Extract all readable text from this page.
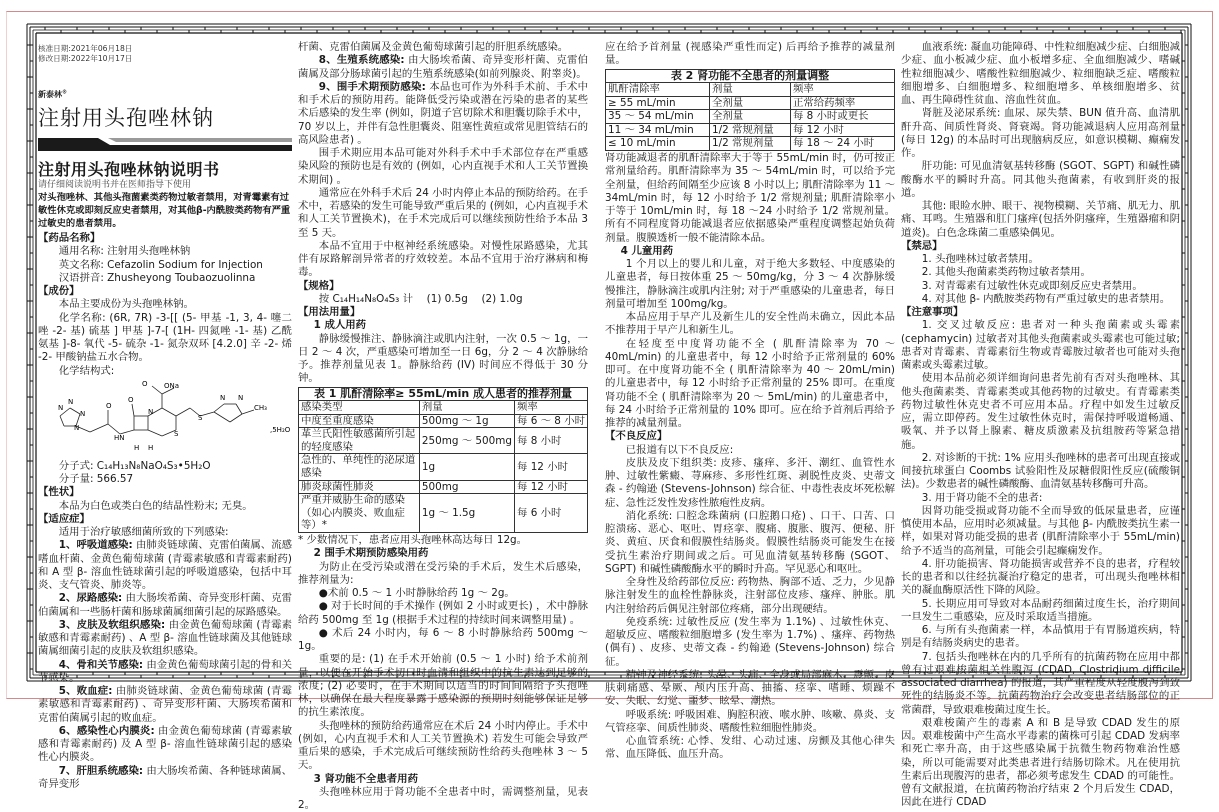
核准日期:2021年06月18日
修改日期:2022年10月17日
新泰林®
注射用头孢唑林钠
注射用头孢唑林钠说明书
请仔细阅读说明书并在医师指导下使用
对头孢唑林、其他头孢菌素类药物过敏者禁用，对青霉素有过敏性休克或即刻反应史者禁用，对其他β-内酰胺类药物有严重过敏史的患者禁用。

【药品名称】

通用名称: 注射用头孢唑林钠

英文名称: Cefazolin Sodium for Injection

汉语拼音: Zhusheyong Toubaozuolinna

【成份】

本品主要成份为头孢唑林钠。

化学名称: (6R, 7R) -3-[[ (5- 甲基 -1, 3, 4- 噻二唑 -2- 基) 硫基 ] 甲基 ]-7-[ (1H- 四氮唑 -1- 基) 乙酰氨基 ]-8- 氧代 -5- 硫杂 -1- 氮杂双环 [4.2.0] 辛 -2- 烯 -2- 甲酸钠盐五水合物。

化学结构式:

ONa
O
N
N
N
N
O
O
N
S
S
N N
CH₃
HN
H H
,5H₂O

分子式: C₁₄H₁₃N₈NaO₄S₃•5H₂O

分子量: 566.57

【性状】

本品为白色或类白色的结晶性粉末; 无臭。

【适应症】

适用于治疗敏感细菌所致的下列感染:

1、呼吸道感染: 由肺炎链球菌、克雷伯菌属、流感嗜血杆菌、金黄色葡萄球菌 (青霉素敏感和青霉素耐药) 和 A 型 β- 溶血性链球菌引起的呼吸道感染，包括中耳炎、支气管炎、肺炎等。

2、尿路感染: 由大肠埃希菌、奇异变形杆菌、克雷伯菌属和一些肠杆菌和肠球菌属细菌引起的尿路感染。

3、皮肤及软组织感染: 由金黄色葡萄球菌 (青霉素敏感和青霉素耐药) 、A 型 β- 溶血性链球菌及其他链球菌属细菌引起的皮肤及软组织感染。

4、骨和关节感染: 由金黄色葡萄球菌引起的骨和关节感染。

5、败血症: 由肺炎链球菌、金黄色葡萄球菌 (青霉素敏感和青霉素耐药) 、奇异变形杆菌、大肠埃希菌和克雷伯菌属引起的败血症。

6、感染性心内膜炎: 由金黄色葡萄球菌 (青霉素敏感和青霉素耐药) 及 A 型 β- 溶血性链球菌引起的感染性心内膜炎。

7、肝胆系统感染: 由大肠埃希菌、各种链球菌属、奇异变形

杆菌、克雷伯菌属及金黄色葡萄球菌引起的肝胆系统感染。

8、生殖系统感染: 由大肠埃希菌、奇异变形杆菌、克雷伯菌属及部分肠球菌引起的生殖系统感染(如前列腺炎、附睾炎)。

9、围手术期预防感染: 本品也可作为外科手术前、手术中和手术后的预防用药。能降低受污染或潜在污染的患者的某些术后感染的发生率 (例如，阴道子宫切除术和胆囊切除手术中，70 岁以上，并伴有急性胆囊炎、阻塞性黄疸或常见胆管结石的高风险患者) 。

围手术期应用本品可能对外科手术中手术部位存在严重感染风险的预防也是有效的 (例如，心内直视手术和人工关节置换术期间) 。

通常应在外科手术后 24 小时内停止本品的预防给药。在手术中，若感染的发生可能导致严重后果的 (例如，心内直视手术和人工关节置换术)，在手术完成后可以继续预防性给予本品 3 至 5 天。

本品不宜用于中枢神经系统感染。对慢性尿路感染，尤其伴有尿路解剖异常者的疗效较差。本品不宜用于治疗淋病和梅毒。

【规格】

按 C₁₄H₁₄N₈O₄S₃ 计　 (1) 0.5g　 (2) 1.0g

【用法用量】

1 成人用药

静脉缓慢推注、静脉滴注或肌内注射，一次 0.5 ～ 1g，一日 2 ～ 4 次，严重感染可增加至一日 6g，分 2 ～ 4 次静脉给予。推荐剂量见表 1。静脉给药 (IV) 时间应不得低于 30 分钟。

表 1 肌酐清除率≥ 55mL/min 成人患者的推荐剂量
感染类型	剂量	频率
中度至重度感染	500mg ～ 1g	每 6 ～ 8 小时
革兰氏阳性敏感菌所引起的轻度感染	250mg ～ 500mg	每 8 小时
急性的、单纯性的泌尿道感染	1g	每 12 小时
肺炎球菌性肺炎	500mg	每 12 小时
严重并威胁生命的感染（如心内膜炎、败血症等）*	1g ～ 1.5g	每 6 小时

* 少数情况下，患者应用头孢唑林高达每日 12g。

2 围手术期预防感染用药

为防止在受污染或潜在受污染的手术后，发生术后感染，推荐剂量为:

●术前 0.5 ～ 1 小时静脉给药 1g ～ 2g。

● 对于长时间的手术操作 (例如 2 小时或更长) ，术中静脉给药 500mg 至 1g (根据手术过程的持续时间来调整用量) 。

● 术后 24 小时内，每 6 ～ 8 小时静脉给药 500mg ～ 1g。

重要的是: (1) 在手术开始前 (0.5 ～ 1 小时) 给予术前剂量，以便在开始手术切口时血清和组织中的抗生素达到足够的浓度; (2) 必要时，在手术期间以适当的时间间隔给予头孢唑林，以确保在最大程度暴露于感染源的预期时刻能够保证足够的抗生素浓度。

头孢唑林的预防给药通常应在术后 24 小时内停止。手术中 (例如，心内直视手术和人工关节置换术) 若发生可能会导致严重后果的感染，手术完成后可继续预防性给药头孢唑林 3 ～ 5 天。

3 肾功能不全患者用药

头孢唑林应用于肾功能不全患者中时，需调整剂量，见表 2。

应在给予首剂量 (视感染严重性而定) 后再给予推荐的减量剂量。

表 2 肾功能不全患者的剂量调整
肌酐清除率	剂量	频率
≥ 55 mL/min	全剂量	正常给药频率
35 ～ 54 mL/min	全剂量	每 8 小时或更长
11 ～ 34 mL/min	1/2 常规剂量	每 12 小时
≤ 10 mL/min	1/2 常规剂量	每 18 ～ 24 小时

肾功能减退者的肌酐清除率大于等于 55mL/min 时，仍可按正常剂量给药。肌酐清除率为 35 ～ 54mL/min 时，可以给予完全剂量，但给药间隔至少应该 8 小时以上; 肌酐清除率为 11 ～ 34mL/min 时，每 12 小时给予 1/2 常规剂量; 肌酐清除率小于等于 10mL/min 时，每 18 ～24 小时给予 1/2 常规剂量。所有不同程度肾功能减退者应依据感染严重程度调整起始负荷剂量。腹膜透析一般不能清除本品。

4 儿童用药

1 个月以上的婴儿和儿童，对于绝大多数轻、中度感染的儿童患者，每日按体重 25 ～ 50mg/kg，分 3 ～ 4 次静脉缓慢推注，静脉滴注或肌内注射; 对于严重感染的儿童患者，每日剂量可增加至 100mg/kg。

本品应用于早产儿及新生儿的安全性尚未确立，因此本品不推荐用于早产儿和新生儿。

在轻度至中度肾功能不全 ( 肌酐清除率为 70 ～ 40mL/min) 的儿童患者中，每 12 小时给予正常剂量的 60% 即可。在中度肾功能不全 ( 肌酐清除率为 40 ～ 20mL/min) 的儿童患者中，每 12 小时给予正常剂量的 25% 即可。在重度肾功能不全 ( 肌酐清除率为 20 ～ 5mL/min) 的儿童患者中，每 24 小时给予正常剂量的 10% 即可。应在给予首剂后再给予推荐的减量剂量。

【不良反应】

已报道有以下不良反应:

皮肤及皮下组织类: 皮疹、瘙痒、多汗、潮红、血管性水肿、过敏性紫癜、荨麻疹、多形性红斑、剥脱性皮炎、史蒂文森 - 约翰逊 (Stevens-Johnson) 综合征、中毒性表皮坏死松解症、急性泛发性发疹性脓疱性皮病。

消化系统: 口腔念珠菌病 (口腔鹅口疮) 、口干、口苦、口腔溃疡、恶心、呕吐、胃痉挛、腹痛、腹胀、腹泻、便秘、肝炎、黄疸、厌食和假膜性结肠炎。假膜性结肠炎可能发生在接受抗生素治疗期间或之后。可见血清氨基转移酶 (SGOT、SGPT) 和碱性磷酸酶水平的瞬时升高。罕见恶心和呕吐。

全身性及给药部位反应: 药物热、胸部不适、乏力，少见静脉注射发生的血栓性静脉炎，注射部位皮疹、瘙痒、肿胀。肌内注射给药后偶见注射部位疼痛，部分出现硬结。

免疫系统: 过敏性反应 (发生率为 1.1%) 、过敏性休克、超敏反应、嗜酸粒细胞增多 (发生率为 1.7%) 、瘙痒、药物热 (偶有) 、皮疹、史蒂文森 - 约翰逊 (Stevens-Johnson) 综合征。

精神及神经系统: 头晕、头痛、全身或局部麻木、震颤、皮肤刺痛感、晕厥、颅内压升高、抽搐、痉挛、嗜睡、烦躁不安、失眠、幻觉、噩梦、眩晕、潮热。

呼吸系统: 呼吸困难、胸腔积液、喉水肿、咳嗽、鼻炎、支气管痉挛、间质性肺炎、嗜酸性粒细胞性肺炎。

心血管系统: 心悸、发绀、心动过速、房颤及其他心律失常、血压降低、血压升高。

血液系统: 凝血功能障碍、中性粒细胞减少症、白细胞减少症、血小板减少症、血小板增多症、全血细胞减少、嗜碱性粒细胞减少、嗜酸性粒细胞减少、粒细胞缺乏症、嗜酸粒细胞增多、白细胞增多、粒细胞增多、单核细胞增多、贫血、再生障碍性贫血、溶血性贫血。

肾脏及泌尿系统: 血尿、尿失禁、BUN 值升高、血清肌酐升高、间质性肾炎、肾衰竭。肾功能减退病人应用高剂量 (每日 12g) 的本品时可出现脑病反应，如意识模糊、癫痫发作。

肝功能: 可见血清氨基转移酶 (SGOT、SGPT) 和碱性磷酸酶水平的瞬时升高。同其他头孢菌素，有收到肝炎的报道。

其他: 眼睑水肿、眼干、视物模糊、关节痛、肌无力、肌痛、耳鸣。生殖器和肛门瘙痒(包括外阴瘙痒，生殖器瘤和阴道炎)。白色念珠菌二重感染偶见。

【禁忌】

1. 头孢唑林过敏者禁用。

2. 其他头孢菌素类药物过敏者禁用。

3. 对青霉素有过敏性休克或即刻反应史者禁用。

4. 对其他 β- 内酰胺类药物有严重过敏史的患者禁用。

【注意事项】

1. 交叉过敏反应: 患者对一种头孢菌素或头霉素 (cephamycin) 过敏者对其他头孢菌素或头霉素也可能过敏; 患者对青霉素、青霉素衍生物或青霉胺过敏者也可能对头孢菌素或头霉素过敏。

使用本品前必须详细询问患者先前有否对头孢唑林、其他头孢菌素类、青霉素类或其他药物的过敏史。有青霉素类药物过敏性休克史者不可应用本品。疗程中如发生过敏反应，需立即停药。发生过敏性休克时，需保持呼吸道畅通、吸氧、并予以肾上腺素、糖皮质激素及抗组胺药等紧急措施。

2. 对诊断的干扰: 1% 应用头孢唑林的患者可出现直接或间接抗球蛋白 Coombs 试验阳性及尿糖假阳性反应(硫酸铜法)。少数患者的碱性磷酸酶、血清氨基转移酶可升高。

3. 用于肾功能不全的患者:

因肾功能受损或肾功能不全而导致的低尿量患者，应谨慎使用本品，应用时必须减量。与其他 β- 内酰胺类抗生素一样，如果对肾功能受损的患者 (肌酐清除率小于 55mL/min) 给予不适当的高剂量，可能会引起癫痫发作。

4. 肝功能损害、肾功能损害或营养不良的患者，疗程较长的患者和以往经抗凝治疗稳定的患者，可出现头孢唑林相关的凝血酶原活性下降的风险。

5. 长期应用可导致对本品耐药细菌过度生长，治疗期间一旦发生二重感染，应及时采取适当措施。

6. 与所有头孢菌素一样，本品慎用于有胃肠道疾病，特别是有结肠炎病史的患者。

7. 包括头孢唑林在内的几乎所有的抗菌药物在应用中都曾有过艰难梭菌相关性腹泻 (CDAD, Clostridium difficile associated diarrhea) 的报道，其严重程度从轻度腹泻到致死性的结肠炎不等。抗菌药物治疗会改变患者结肠部位的正常菌群，导致艰难梭菌过度生长。

艰难梭菌产生的毒素 A 和 B 是导致 CDAD 发生的原因。艰难梭菌中产生高水平毒素的菌株可引起 CDAD 发病率和死亡率升高，由于这些感染属于抗微生物药物难治性感染，所以可能需要对此类患者进行结肠切除术。凡在使用抗生素后出现腹泻的患者，都必须考虑发生 CDAD 的可能性。曾有文献报道，在抗菌药物治疗结束 2 个月后发生 CDAD，因此在进行 CDAD
